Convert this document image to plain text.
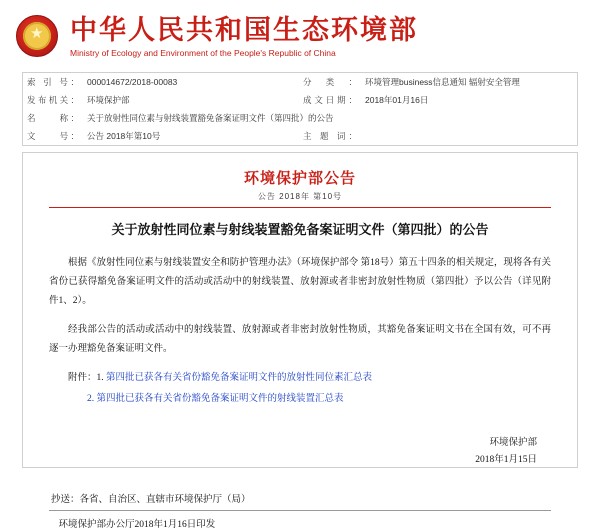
★ 中华人民共和国生态环境部
Ministry of Ecology and Environment of the People's Republic of China
索 引 号：	000014672/2018-00083	分类：	环境管理business信息通知 辐射安全管理
发布机关：	环境保护部	成文日期：	2018年01月16日
名　　称：	关于放射性同位素与射线装置豁免备案证明文件（第四批）的公告		
文　　号：	公告 2018年第10号	主 题 词：	
环境保护部公告
公告 2018年 第10号
关于放射性同位素与射线装置豁免备案证明文件（第四批）的公告

根据《放射性同位素与射线装置安全和防护管理办法》（环境保护部令 第18号）第五十四条的相关规定，现将各有关省份已获得豁免备案证明文件的活动或活动中的射线装置、放射源或者非密封放射性物质（第四批）予以公告（详见附件1、2）。

经我部公告的活动或活动中的射线装置、放射源或者非密封放射性物质，其豁免备案证明文书在全国有效，可不再逐一办理豁免备案证明文件。

附件：1. 第四批已获各有关省份豁免备案证明文件的放射性同位素汇总表
2. 第四批已获各有关省份豁免备案证明文件的射线装置汇总表
环境保护部
2018年1月15日
抄送：各省、自治区、直辖市环境保护厅（局）
环境保护部办公厅2018年1月16日印发
